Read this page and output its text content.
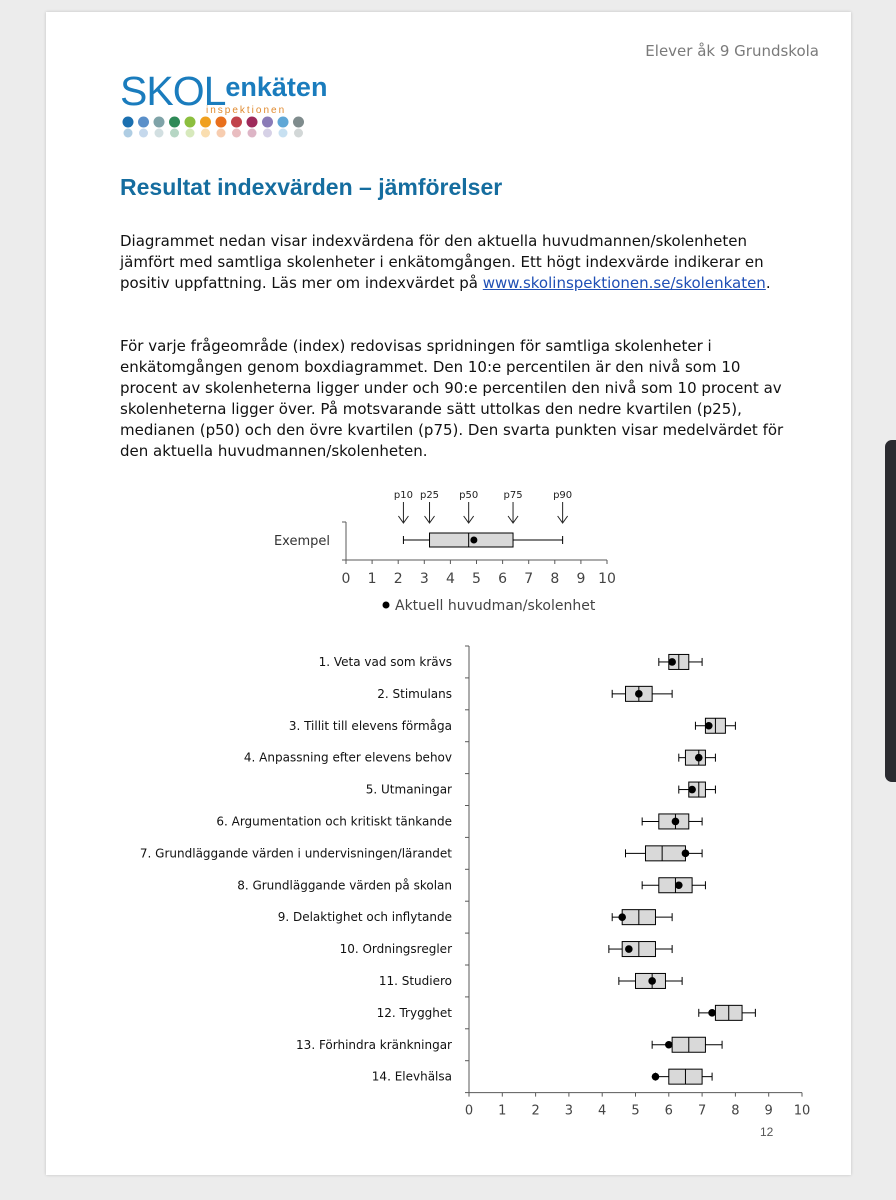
Elever åk 9 Grundskola
SKOLenkäten
inspektionen
Resultat indexvärden – jämförelser

Diagrammet nedan visar indexvärdena för den aktuella huvudmannen/skolenheten jämfört med samtliga skolenheter i enkätomgången. Ett högt indexvärde indikerar en positiv uppfattning. Läs mer om indexvärdet på www.skolinspektionen.se/skolenkaten.

För varje frågeområde (index) redovisas spridningen för samtliga skolenheter i enkätomgången genom boxdiagrammet. Den 10:e percentilen är den nivå som 10 procent av skolenheterna ligger under och 90:e percentilen den nivå som 10 procent av skolenheterna ligger över. På motsvarande sätt uttolkas den nedre kvartilen (p25), medianen (p50) och den övre kvartilen (p75). Den svarta punkten visar medelvärdet för den aktuella huvudmannen/skolenheten.

Exempel
0 1 2 3 4 5 6 7 8 9 10
p10 p25 p50	p75	p90
Aktuell huvudman/skolenhet
0 1 2 3 4 5 6 7 8 9 10
1. Veta vad som krävs
2. Stimulans
3. Tillit till elevens förmåga
4. Anpassning efter elevens behov
5. Utmaningar
6. Argumentation och kritiskt tänkande
7. Grundläggande värden i undervisningen/lärandet
8. Grundläggande värden på skolan
9. Delaktighet och inflytande
10. Ordningsregler
11. Studiero
12. Trygghet
13. Förhindra kränkningar
14. Elevhälsa
12
